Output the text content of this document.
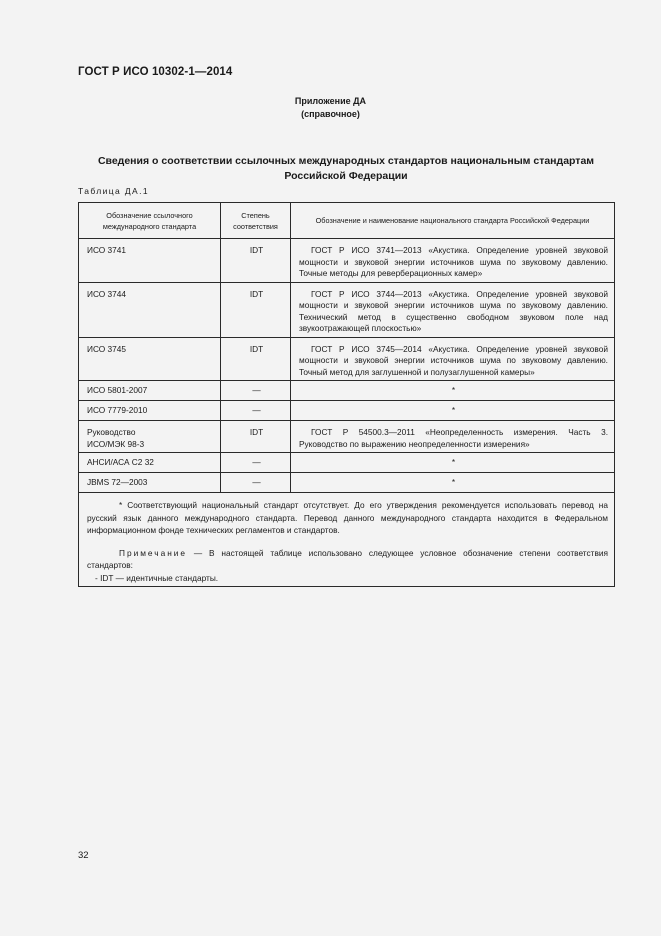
ГОСТ Р ИСО 10302-1—2014
Приложение ДА
(справочное)
Сведения о соответствии ссылочных международных стандартов национальным стандартам
Российской Федерации
Таблица ДА.1
Обозначение ссылочного международного стандарта	Степень соответствия	Обозначение и наименование национального стандарта Российской Федерации
ИСО 3741	IDT	ГОСТ Р ИСО 3741—2013 «Акустика. Определение уровней звуковой мощности и звуковой энергии источников шума по звуковому давлению. Точные методы для реверберационных камер»
ИСО 3744	IDT	ГОСТ Р ИСО 3744—2013 «Акустика. Определение уровней звуковой мощности и звуковой энергии источников шума по звуковому давлению. Технический метод в существенно свободном звуковом поле над звукоотражающей плоскостью»
ИСО 3745	IDT	ГОСТ Р ИСО 3745—2014 «Акустика. Определение уровней звуковой мощности и звуковой энергии источников шума по звуковому давлению. Точный метод для заглушенной и полузаглушенной камеры»
ИСО 5801-2007	—	*
ИСО 7779-2010	—	*

Руководство
ИСО/МЭК 98-3	IDT	ГОСТ Р 54500.3—2011 «Неопределенность измерения. Часть 3. Руководство по выражению неопределенности измерения»
АНСИ/АСА С2 32	—	*
JBMS 72—2003	—	*

* Соответствующий национальный стандарт отсутствует. До его утверждения рекомендуется использовать перевод на русский язык данного международного стандарта. Перевод данного международного стандарта находится в Федеральном информационном фонде технических регламентов и стандартов.

Примечание — В настоящей таблице использовано следующее условное обозначение степени соответствия стандартов:

- IDT — идентичные стандарты.		

32
